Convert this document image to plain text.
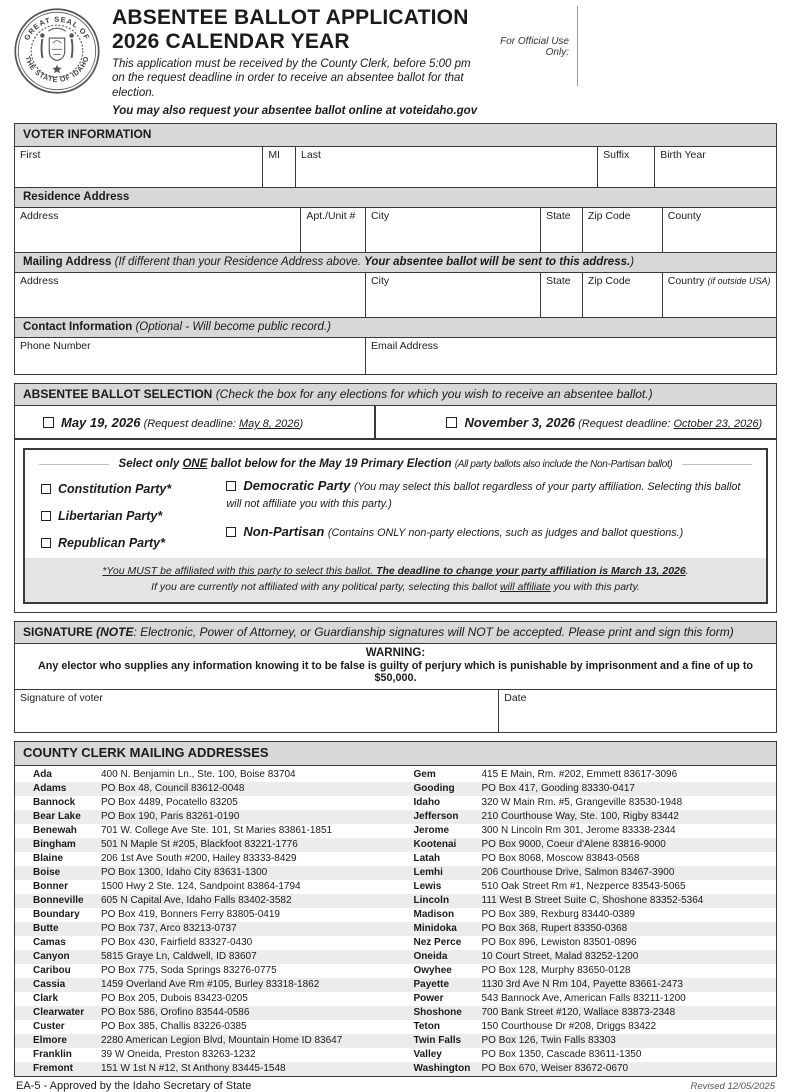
GREAT SEAL OF
THE STATE OF IDAHO
ABSENTEE BALLOT APPLICATION
2026 CALENDAR YEAR
This application must be received by the County Clerk, before 5:00 pm on the request deadline in order to receive an absentee ballot for that election.
You may also request your absentee ballot online at voteidaho.gov
For Official Use Only:
VOTER INFORMATION
First	MI	Last	Suffix	Birth Year
Residence Address
Address	Apt./Unit #	City	State	Zip Code	County
Mailing Address (If different than your Residence Address above. Your absentee ballot will be sent to this address.)
Address	City	State	Zip Code	Country (if outside USA)
Contact Information (Optional - Will become public record.)
Phone Number	Email Address
ABSENTEE BALLOT SELECTION (Check the box for any elections for which you wish to receive an absentee ballot.)
May 19, 2026 (Request deadline: May 8, 2026)	November 3, 2026 (Request deadline: October 23, 2026)
Select only ONE ballot below for the May 19 Primary Election (All party ballots also include the Non-Partisan ballot)
Constitution Party*
Libertarian Party*
Republican Party*
Democratic Party (You may select this ballot regardless of your party affiliation. Selecting this ballot will not affiliate you with this party.)
Non-Partisan (Contains ONLY non-party elections, such as judges and ballot questions.)
*You MUST be affiliated with this party to select this ballot. The deadline to change your party affiliation is March 13, 2026.
If you are currently not affiliated with any political party, selecting this ballot will affiliate you with this party.
SIGNATURE (NOTE: Electronic, Power of Attorney, or Guardianship signatures will NOT be accepted. Please print and sign this form)
WARNING:
Any elector who supplies any information knowing it to be false is guilty of perjury which is punishable by imprisonment and a fine of up to $50,000.
Signature of voter	Date
COUNTY CLERK MAILING ADDRESSES
Ada	400 N. Benjamin Ln., Ste. 100, Boise 83704
Adams	PO Box 48, Council 83612-0048
Bannock	PO Box 4489, Pocatello 83205
Bear Lake	PO Box 190, Paris 83261-0190
Benewah	701 W. College Ave Ste. 101, St Maries 83861-1851
Bingham	501 N Maple St #205, Blackfoot 83221-1776
Blaine	206 1st Ave South #200, Hailey 83333-8429
Boise	PO Box 1300, Idaho City 83631-1300
Bonner	1500 Hwy 2 Ste. 124, Sandpoint 83864-1794
Bonneville	605 N Capital Ave, Idaho Falls 83402-3582
Boundary	PO Box 419, Bonners Ferry 83805-0419
Butte	PO Box 737, Arco 83213-0737
Camas	PO Box 430, Fairfield 83327-0430
Canyon	5815 Graye Ln, Caldwell, ID 83607
Caribou	PO Box 775, Soda Springs 83276-0775
Cassia	1459 Overland Ave Rm #105, Burley 83318-1862
Clark	PO Box 205, Dubois 83423-0205
Clearwater	PO Box 586, Orofino 83544-0586
Custer	PO Box 385, Challis 83226-0385
Elmore	2280 American Legion Blvd, Mountain Home ID 83647
Franklin	39 W Oneida, Preston 83263-1232
Fremont	151 W 1st N #12, St Anthony 83445-1548
Gem	415 E Main, Rm. #202, Emmett 83617-3096
Gooding	PO Box 417, Gooding 83330-0417
Idaho	320 W Main Rm. #5, Grangeville 83530-1948
Jefferson	210 Courthouse Way, Ste. 100, Rigby 83442
Jerome	300 N Lincoln Rm 301, Jerome 83338-2344
Kootenai	PO Box 9000, Coeur d'Alene 83816-9000
Latah	PO Box 8068, Moscow 83843-0568
Lemhi	206 Courthouse Drive, Salmon 83467-3900
Lewis	510 Oak Street Rm #1, Nezperce 83543-5065
Lincoln	111 West B Street Suite C, Shoshone 83352-5364
Madison	PO Box 389, Rexburg 83440-0389
Minidoka	PO Box 368, Rupert 83350-0368
Nez Perce	PO Box 896, Lewiston 83501-0896
Oneida	10 Court Street, Malad 83252-1200
Owyhee	PO Box 128, Murphy 83650-0128
Payette	1130 3rd Ave N Rm 104, Payette 83661-2473
Power	543 Bannock Ave, American Falls 83211-1200
Shoshone	700 Bank Street #120, Wallace 83873-2348
Teton	150 Courthouse Dr #208, Driggs 83422
Twin Falls	PO Box 126, Twin Falls 83303
Valley	PO Box 1350, Cascade 83611-1350
Washington	PO Box 670, Weiser 83672-0670
EA-5 - Approved by the Idaho Secretary of State	Revised 12/05/2025
